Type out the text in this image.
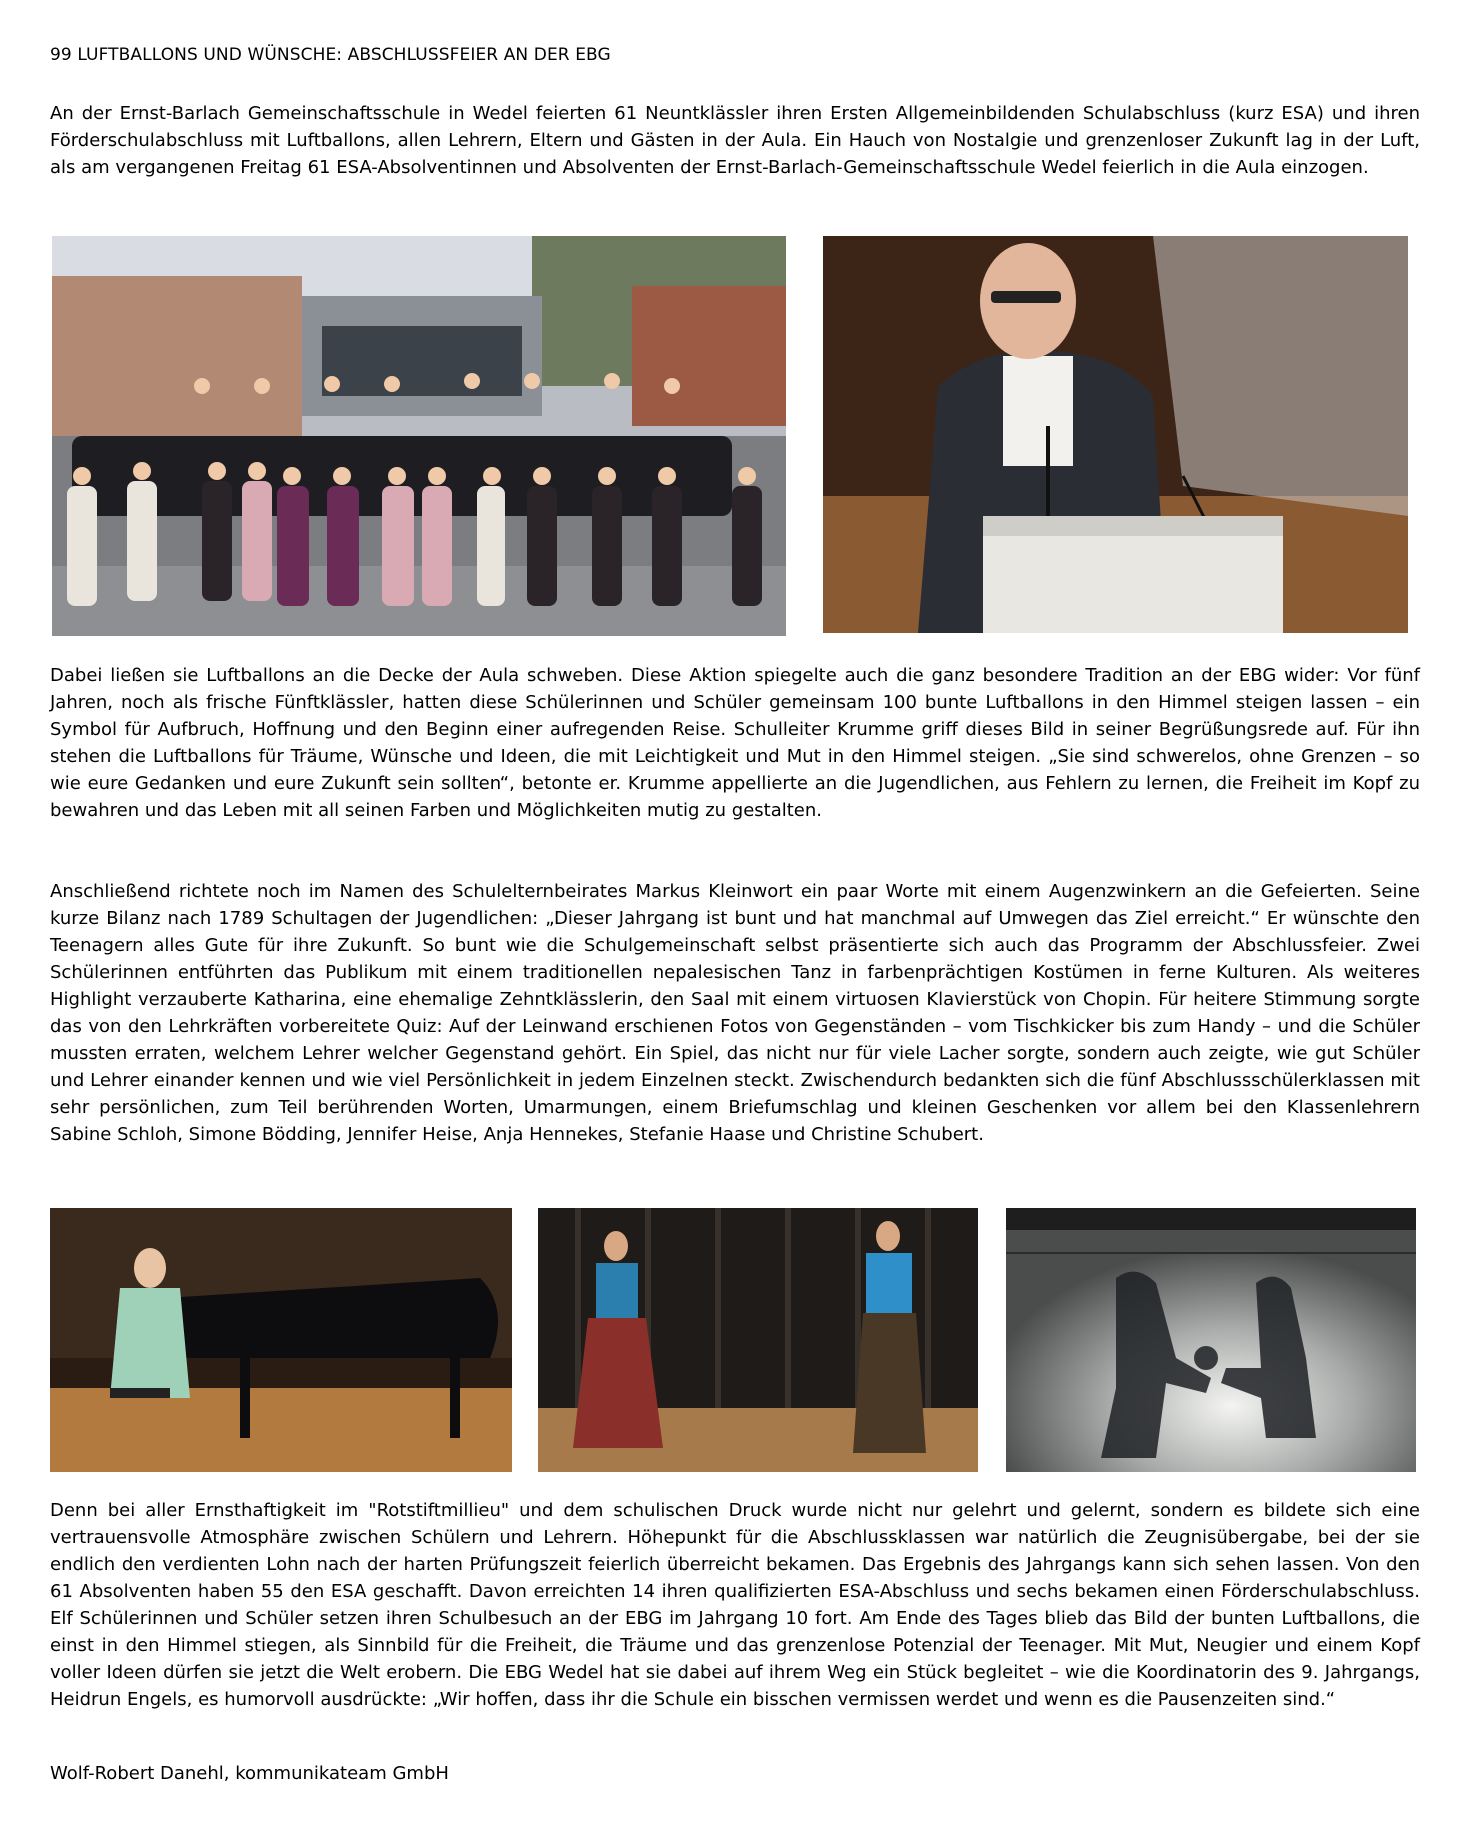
99 LUFTBALLONS UND WÜNSCHE: ABSCHLUSSFEIER AN DER EBG
An der Ernst-Barlach Gemeinschaftsschule in Wedel feierten 61 Neuntklässler ihren Ersten Allgemeinbildenden Schulabschluss (kurz ESA) und ihren Förderschulabschluss mit Luftballons, allen Lehrern, Eltern und Gästen in der Aula. Ein Hauch von Nostalgie und grenzenloser Zukunft lag in der Luft, als am vergangenen Freitag 61 ESA-Absolventinnen und Absolventen der Ernst-Barlach-Gemeinschaftsschule Wedel feierlich in die Aula einzogen.
Dabei ließen sie Luftballons an die Decke der Aula schweben. Diese Aktion spiegelte auch die ganz besondere Tradition an der EBG wider: Vor fünf Jahren, noch als frische Fünftklässler, hatten diese Schülerinnen und Schüler gemeinsam 100 bunte Luftballons in den Himmel steigen lassen – ein Symbol für Aufbruch, Hoffnung und den Beginn einer aufregenden Reise. Schulleiter Krumme griff dieses Bild in seiner Begrüßungsrede auf. Für ihn stehen die Luftballons für Träume, Wünsche und Ideen, die mit Leichtigkeit und Mut in den Himmel steigen. „Sie sind schwerelos, ohne Grenzen – so wie eure Gedanken und eure Zukunft sein sollten“, betonte er. Krumme appellierte an die Jugendlichen, aus Fehlern zu lernen, die Freiheit im Kopf zu bewahren und das Leben mit all seinen Farben und Möglichkeiten mutig zu gestalten.
Anschließend richtete noch im Namen des Schulelternbeirates Markus Kleinwort ein paar Worte mit einem Augenzwinkern an die Gefeierten. Seine kurze Bilanz nach 1789 Schultagen der Jugendlichen: „Dieser Jahrgang ist bunt und hat manchmal auf Umwegen das Ziel erreicht.“ Er wünschte den Teenagern alles Gute für ihre Zukunft. So bunt wie die Schulgemeinschaft selbst präsentierte sich auch das Programm der Abschlussfeier. Zwei Schülerinnen entführten das Publikum mit einem traditionellen nepalesischen Tanz in farbenprächtigen Kostümen in ferne Kulturen. Als weiteres Highlight verzauberte Katharina, eine ehemalige Zehntklässlerin, den Saal mit einem virtuosen Klavierstück von Chopin. Für heitere Stimmung sorgte das von den Lehrkräften vorbereitete Quiz: Auf der Leinwand erschienen Fotos von Gegenständen – vom Tischkicker bis zum Handy – und die Schüler mussten erraten, welchem Lehrer welcher Gegenstand gehört. Ein Spiel, das nicht nur für viele Lacher sorgte, sondern auch zeigte, wie gut Schüler und Lehrer einander kennen und wie viel Persönlichkeit in jedem Einzelnen steckt. Zwischendurch bedankten sich die fünf Abschlussschülerklassen mit sehr persönlichen, zum Teil berührenden Worten, Umarmungen, einem Briefumschlag und kleinen Geschenken vor allem bei den Klassenlehrern Sabine Schloh, Simone Bödding, Jennifer Heise, Anja Hennekes, Stefanie Haase und Christine Schubert.
Denn bei aller Ernsthaftigkeit im "Rotstiftmillieu" und dem schulischen Druck wurde nicht nur gelehrt und gelernt, sondern es bildete sich eine vertrauensvolle Atmosphäre zwischen Schülern und Lehrern. Höhepunkt für die Abschlussklassen war natürlich die Zeugnisübergabe, bei der sie endlich den verdienten Lohn nach der harten Prüfungszeit feierlich überreicht bekamen. Das Ergebnis des Jahrgangs kann sich sehen lassen. Von den 61 Absolventen haben 55 den ESA geschafft. Davon erreichten 14 ihren qualifizierten ESA-Abschluss und sechs bekamen einen Förderschulabschluss. Elf Schülerinnen und Schüler setzen ihren Schulbesuch an der EBG im Jahrgang 10 fort. Am Ende des Tages blieb das Bild der bunten Luftballons, die einst in den Himmel stiegen, als Sinnbild für die Freiheit, die Träume und das grenzenlose Potenzial der Teenager. Mit Mut, Neugier und einem Kopf voller Ideen dürfen sie jetzt die Welt erobern. Die EBG Wedel hat sie dabei auf ihrem Weg ein Stück begleitet – wie die Koordinatorin des 9. Jahrgangs, Heidrun Engels, es humorvoll ausdrückte: „Wir hoffen, dass ihr die Schule ein bisschen vermissen werdet und wenn es die Pausenzeiten sind.“
Wolf-Robert Danehl, kommunikateam GmbH
